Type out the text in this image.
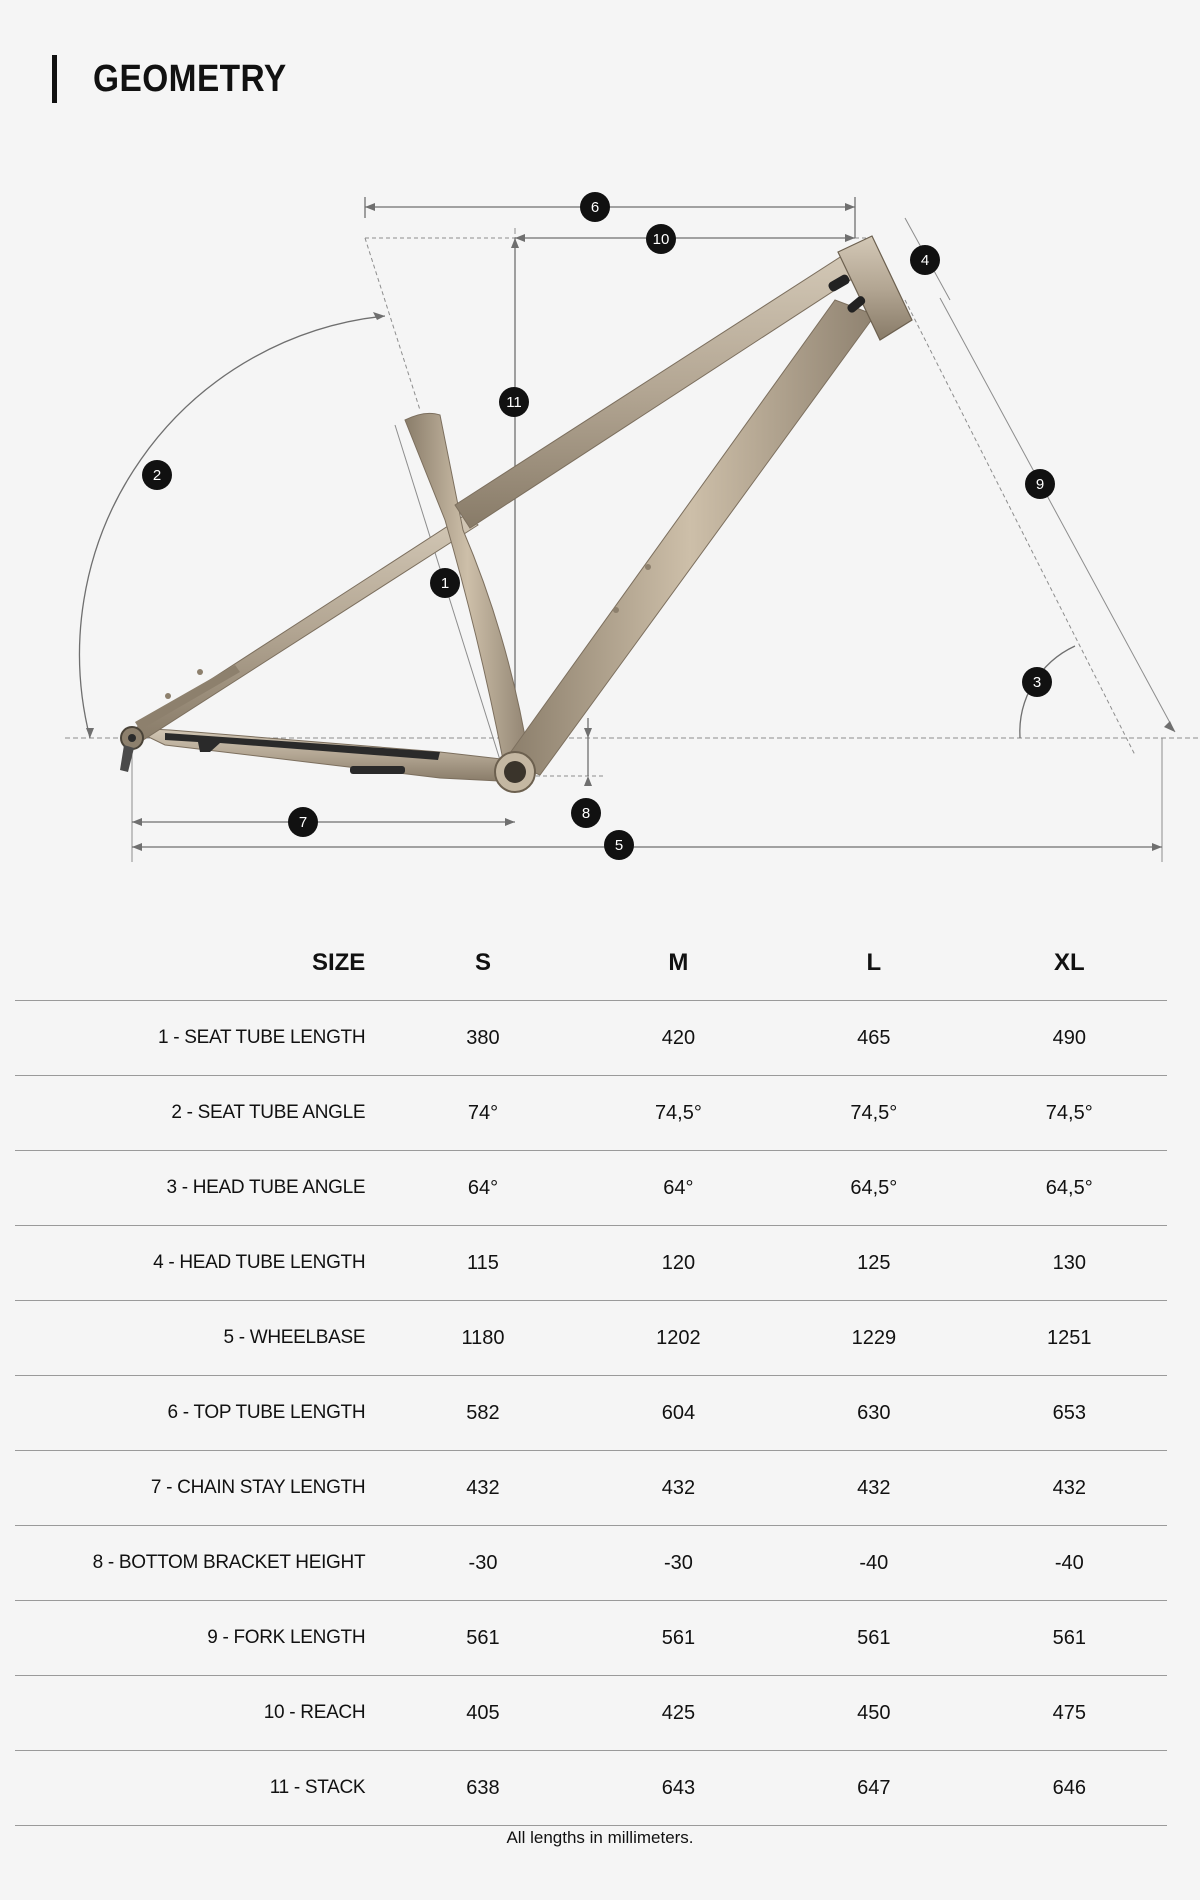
GEOMETRY
1
2
3
4
5
6
7
8
9
10
11
SIZE	S	M	L	XL
1 - SEAT TUBE LENGTH	380	420	465	490
2 - SEAT TUBE ANGLE	74°	74,5°	74,5°	74,5°
3 - HEAD TUBE ANGLE	64°	64°	64,5°	64,5°
4 - HEAD TUBE LENGTH	115	120	125	130
5 - WHEELBASE	1180	1202	1229	1251
6 - TOP TUBE LENGTH	582	604	630	653
7 - CHAIN STAY LENGTH	432	432	432	432
8 - BOTTOM BRACKET HEIGHT	-30	-30	-40	-40
9 - FORK LENGTH	561	561	561	561
10 - REACH	405	425	450	475
11 - STACK	638	643	647	646
All lengths in millimeters.
